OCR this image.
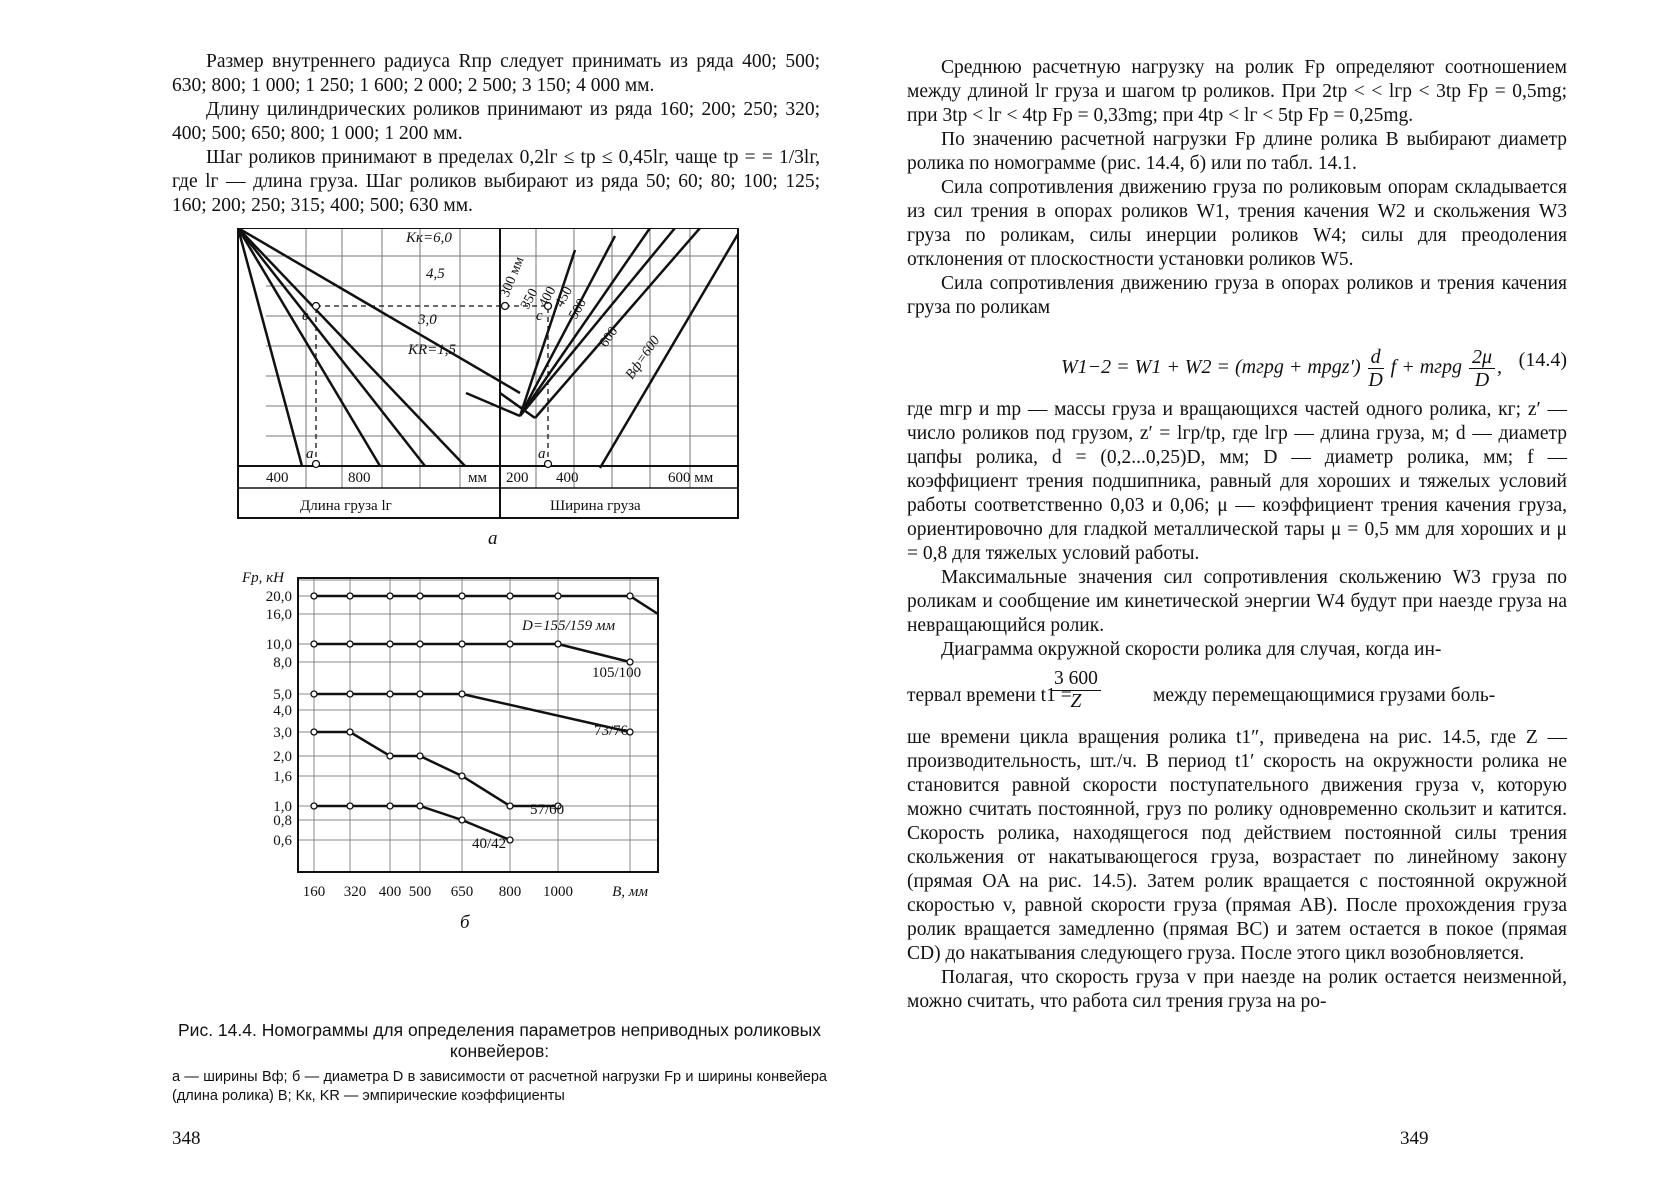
Размер внутреннего радиуса Rпр следует принимать из ряда 400; 500; 630; 800; 1 000; 1 250; 1 600; 2 000; 2 500; 3 150; 4 000 мм.

Длину цилиндрических роликов принимают из ряда 160; 200; 250; 320; 400; 500; 650; 800; 1 000; 1 200 мм.

Шаг роликов принимают в пределах 0,2lг ≤ tр ≤ 0,45lг, чаще tр = = 1/3lг, где lг — длина груза. Шаг роликов выбирают из ряда 50; 60; 80; 100; 125; 160; 200; 250; 315; 400; 500; 630 мм.

Kк=6,0
4,5
3,0
KR=1,5
в	с
а	а
300 мм
350
400
450
500
600 Bф=600
400	800	мм 200 400	600 мм
Длина груза lг	Ширина груза
а
20,0
16,0
10,0
8,0
5,0
4,0
3,0
2,0
1,6
1,0
0,8
0,6
Fр, кН
160 320 400 500 650 800 1000	B, мм
D=155/159 мм
105/100
73/76
57/60
40/42
б

Рис. 14.4. Номограммы для определения параметров неприводных роликовых конвейеров:

а — ширины Bф; б — диаметра D в зависимости от расчетной нагрузки Fр и ширины конвейера (длина ролика) B; Kк, KR — эмпирические коэффициенты

348

Среднюю расчетную нагрузку на ролик Fр определяют соотношением между длиной lг груза и шагом tр роликов. При 2tр < < lгр < 3tр Fр = 0,5mg; при 3tр < lг < 4tр Fр = 0,33mg; при 4tр < lг < 5tр Fр = 0,25mg.

По значению расчетной нагрузки Fр длине ролика B выбирают диаметр ролика по номограмме (рис. 14.4, б) или по табл. 14.1.

Сила сопротивления движению груза по роликовым опорам складывается из сил трения в опорах роликов W1, трения качения W2 и скольжения W3 груза по роликам, силы инерции роликов W4; силы для преодоления отклонения от плоскостности установки роликов W5.

Сила сопротивления движению груза в опорах роликов и трения качения груза по роликам

W1−2 = W1 + W2 = (mгрg + mрgz′) $\frac{d}{D}$ f + mгрg $\frac{2\mu}{D}$ , (14.4)

где mгр и mр — массы груза и вращающихся частей одного ролика, кг; z′ — число роликов под грузом, z′ = lгр/tр, где lгр — длина груза, м; d — диаметр цапфы ролика, d = (0,2...0,25)D, мм; D — диаметр ролика, мм; f — коэффициент трения подшипника, равный для хороших и тяжелых условий работы соответственно 0,03 и 0,06; μ — коэффициент трения качения груза, ориентировочно для гладкой металлической тары μ = 0,5 мм для хороших и μ = 0,8 для тяжелых условий работы.

Максимальные значения сил сопротивления скольжению W3 груза по роликам и сообщение им кинетической энергии W4 будут при наезде груза на невращающийся ролик.

Диаграмма окружной скорости ролика для случая, когда ин-

тервал времени t1 =
$\frac{3 600}{Z}$	между перемещающимися грузами боль-

ше времени цикла вращения ролика t1″, приведена на рис. 14.5, где Z — производительность, шт./ч. В период t1′ скорость на окружности ролика не становится равной скорости поступательного движения груза v, которую можно считать постоянной, груз по ролику одновременно скользит и катится. Скорость ролика, находящегося под действием постоянной силы трения скольжения от накатывающегося груза, возрастает по линейному закону (прямая OA на рис. 14.5). Затем ролик вращается с постоянной окружной скоростью v, равной скорости груза (прямая AB). После прохождения груза ролик вращается замедленно (прямая BC) и затем остается в покое (прямая CD) до накатывания следующего груза. После этого цикл возобновляется.

Полагая, что скорость груза v при наезде на ролик остается неизменной, можно считать, что работа сил трения груза на ро-

349
